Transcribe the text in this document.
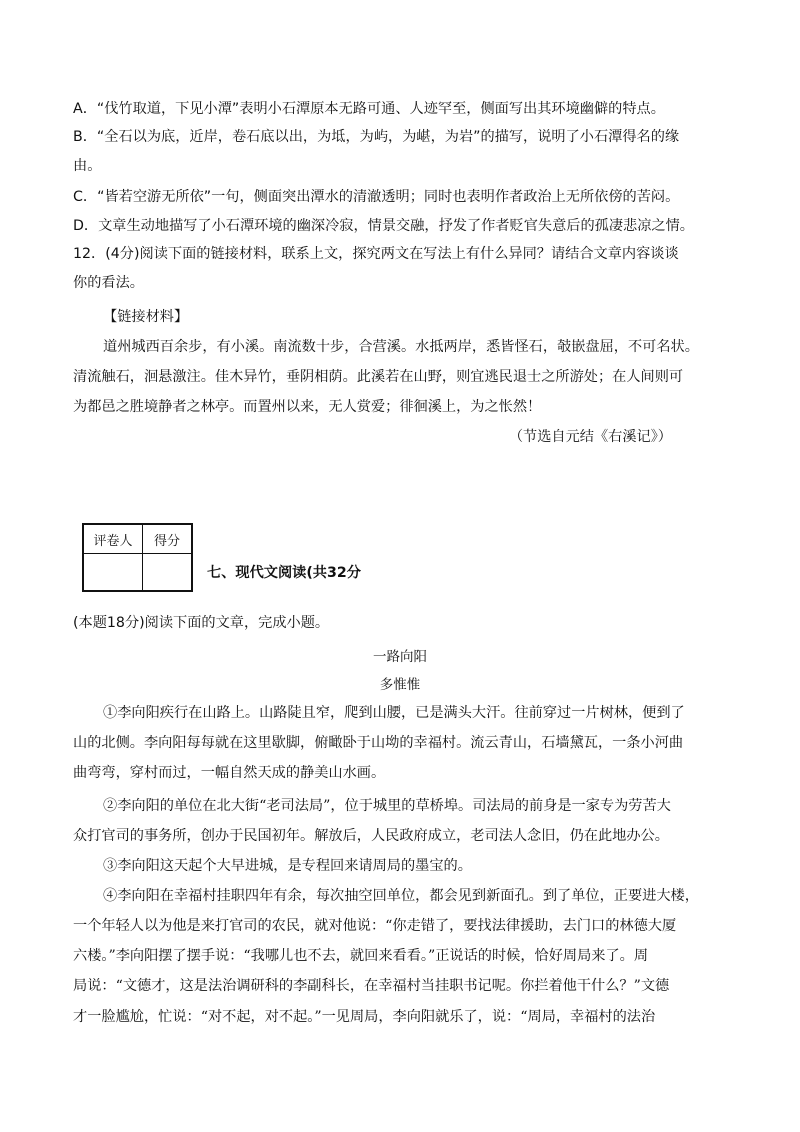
A．“伐竹取道，下见小潭”表明小石潭原本无路可通、人迹罕至，侧面写出其环境幽僻的特点。
B．“全石以为底，近岸，卷石底以出，为坻，为屿，为嵁，为岩”的描写，说明了小石潭得名的缘
由。
C．“皆若空游无所依”一句，侧面突出潭水的清澈透明；同时也表明作者政治上无所依傍的苦闷。
D．文章生动地描写了小石潭环境的幽深冷寂，情景交融，抒发了作者贬官失意后的孤凄悲凉之情。
12．(4分)阅读下面的链接材料，联系上文，探究两文在写法上有什么异同？请结合文章内容谈谈
你的看法。
【链接材料】
道州城西百余步，有小溪。南流数十步，合营溪。水抵两岸，悉皆怪石，攲嵌盘屈，不可名状。
清流触石，洄悬激注。佳木异竹，垂阴相荫。此溪若在山野，则宜逃民退士之所游处；在人间则可
为都邑之胜境静者之林亭。而置州以来，无人赏爱；徘徊溪上，为之怅然！
（节选自元结《右溪记》）
评卷人	得分

七、现代文阅读(共32分
(本题18分)阅读下面的文章，完成小题。
一路向阳
多惟惟
①李向阳疾行在山路上。山路陡且窄，爬到山腰，已是满头大汗。往前穿过一片树林，便到了
山的北侧。李向阳每每就在这里歇脚，俯瞰卧于山坳的幸福村。流云青山，石墙黛瓦，一条小河曲
曲弯弯，穿村而过，一幅自然天成的静美山水画。
②李向阳的单位在北大街“老司法局”，位于城里的草桥埠。司法局的前身是一家专为劳苦大
众打官司的事务所，创办于民国初年。解放后，人民政府成立，老司法人念旧，仍在此地办公。
③李向阳这天起个大早进城，是专程回来请周局的墨宝的。
④李向阳在幸福村挂职四年有余，每次抽空回单位，都会见到新面孔。到了单位，正要进大楼，
一个年轻人以为他是来打官司的农民，就对他说：“你走错了，要找法律援助，去门口的林德大厦
六楼。”李向阳摆了摆手说：“我哪儿也不去，就回来看看。”正说话的时候，恰好周局来了。周
局说：“文德才，这是法治调研科的李副科长，在幸福村当挂职书记呢。你拦着他干什么？”文德
才一脸尴尬，忙说：“对不起，对不起。”一见周局，李向阳就乐了，说：“周局，幸福村的法治
